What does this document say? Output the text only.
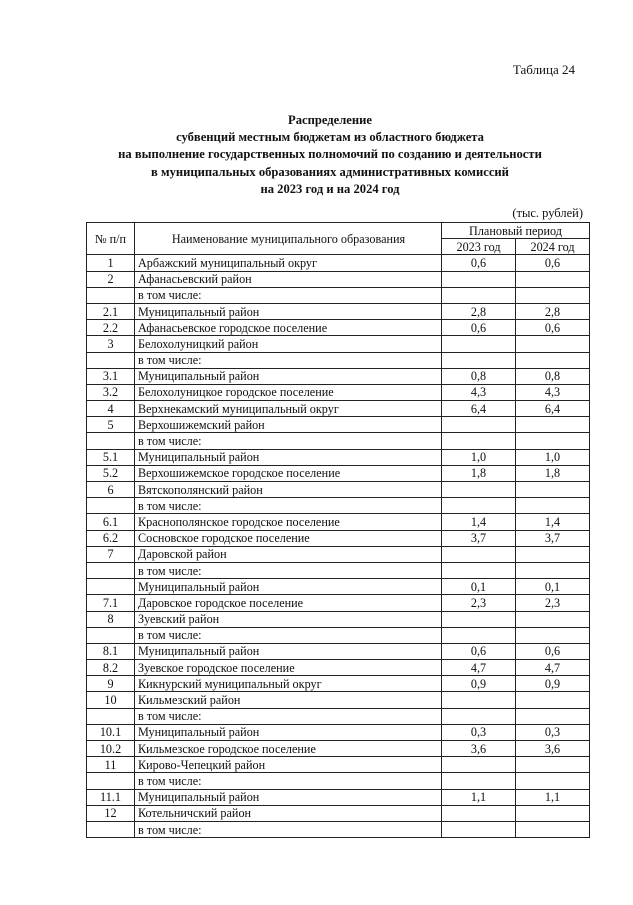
Таблица 24
Распределение
субвенций местным бюджетам из областного бюджета
на выполнение государственных полномочий по созданию и деятельности
в муниципальных образованиях административных комиссий
на 2023 год и на 2024 год
(тыс. рублей)
№ п/п	Наименование муниципального образования	Плановый период	
		2023 год	2024 год
1	Арбажский муниципальный округ	0,6	0,6
2	Афанасьевский район		
	в том числе:		
2.1	Муниципальный район	2,8	2,8
2.2	Афанасьевское городское поселение	0,6	0,6
3	Белохолуницкий район		
	в том числе:		
3.1	Муниципальный район	0,8	0,8
3.2	Белохолуницкое городское поселение	4,3	4,3
4	Верхнекамский муниципальный округ	6,4	6,4
5	Верхошижемский район		
	в том числе:		
5.1	Муниципальный район	1,0	1,0
5.2	Верхошижемское городское поселение	1,8	1,8
6	Вятскополянский район		
	в том числе:		
6.1	Краснополянское городское поселение	1,4	1,4
6.2	Сосновское городское поселение	3,7	3,7
7	Даровской район		
	в том числе:		
	Муниципальный район	0,1	0,1
7.1	Даровское городское поселение	2,3	2,3
8	Зуевский район		
	в том числе:		
8.1	Муниципальный район	0,6	0,6
8.2	Зуевское городское поселение	4,7	4,7
9	Кикнурский муниципальный округ	0,9	0,9
10	Кильмезский район		
	в том числе:		
10.1	Муниципальный район	0,3	0,3
10.2	Кильмезское городское поселение	3,6	3,6
11	Кирово-Чепецкий район		
	в том числе:		
11.1	Муниципальный район	1,1	1,1
12	Котельничский район		
	в том числе:		
